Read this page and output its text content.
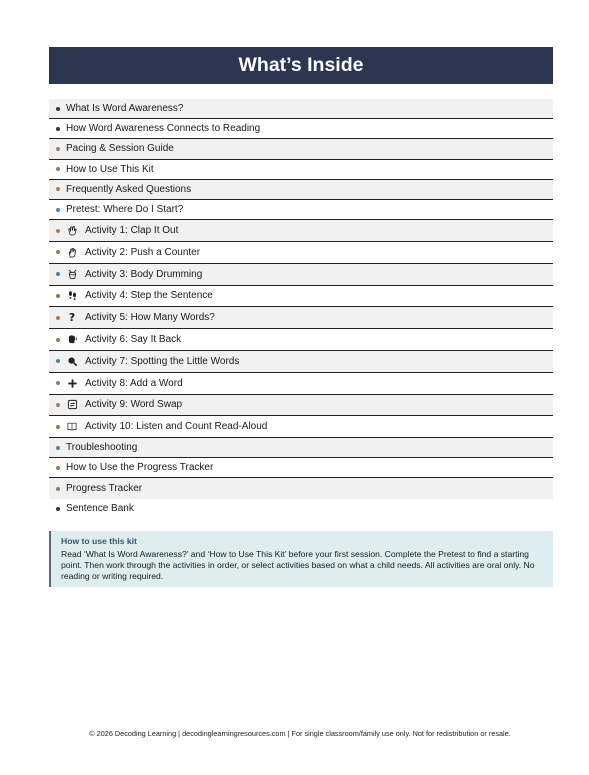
What’s Inside
What Is Word Awareness?
How Word Awareness Connects to Reading
Pacing & Session Guide
How to Use This Kit
Frequently Asked Questions
Pretest: Where Do I Start?
Activity 1: Clap It Out
Activity 2: Push a Counter
Activity 3: Body Drumming
Activity 4: Step the Sentence
? Activity 5: How Many Words?
Activity 6: Say It Back
Activity 7: Spotting the Little Words
Activity 8: Add a Word
Activity 9: Word Swap
Activity 10: Listen and Count Read-Aloud
Troubleshooting
How to Use the Progress Tracker
Progress Tracker
Sentence Bank
How to use this kit
Read ‘What Is Word Awareness?’ and ‘How to Use This Kit’ before your first session. Complete the Pretest to find a starting point. Then work through the activities in order, or select activities based on what a child needs. All activities are oral only. No reading or writing required.
© 2026 Decoding Learning | decodinglearningresources.com | For single classroom/family use only. Not for redistribution or resale.
